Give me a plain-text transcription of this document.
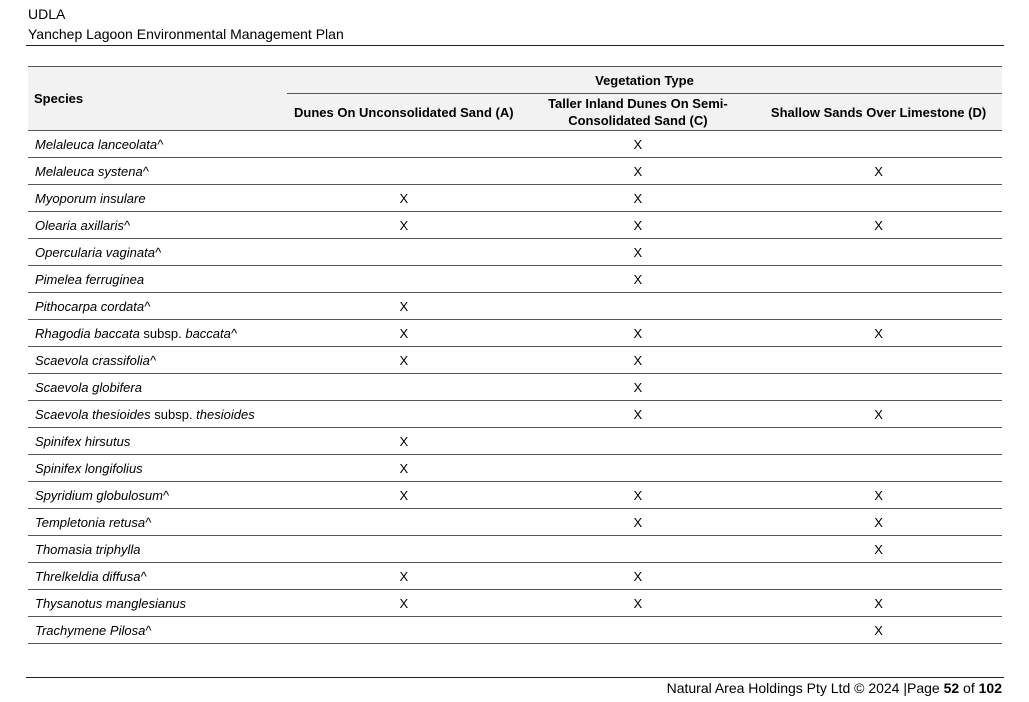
UDLA
Yanchep Lagoon Environmental Management Plan
Species	Vegetation Type		
	Dunes On Unconsolidated Sand (A)	Taller Inland Dunes On Semi-Consolidated Sand (C)	Shallow Sands Over Limestone (D)
Melaleuca lanceolata^		X	
Melaleuca systena^		X	X
Myoporum insulare	X	X	
Olearia axillaris^	X	X	X
Opercularia vaginata^		X	
Pimelea ferruginea		X	
Pithocarpa cordata^	X		
Rhagodia baccata subsp. baccata^	X	X	X
Scaevola crassifolia^	X	X	
Scaevola globifera		X	
Scaevola thesioides subsp. thesioides		X	X
Spinifex hirsutus	X		
Spinifex longifolius	X		
Spyridium globulosum^	X	X	X
Templetonia retusa^		X	X
Thomasia triphylla			X
Threlkeldia diffusa^	X	X	
Thysanotus manglesianus	X	X	X
Trachymene Pilosa^			X
Natural Area Holdings Pty Ltd © 2024 |Page 52 of 102
